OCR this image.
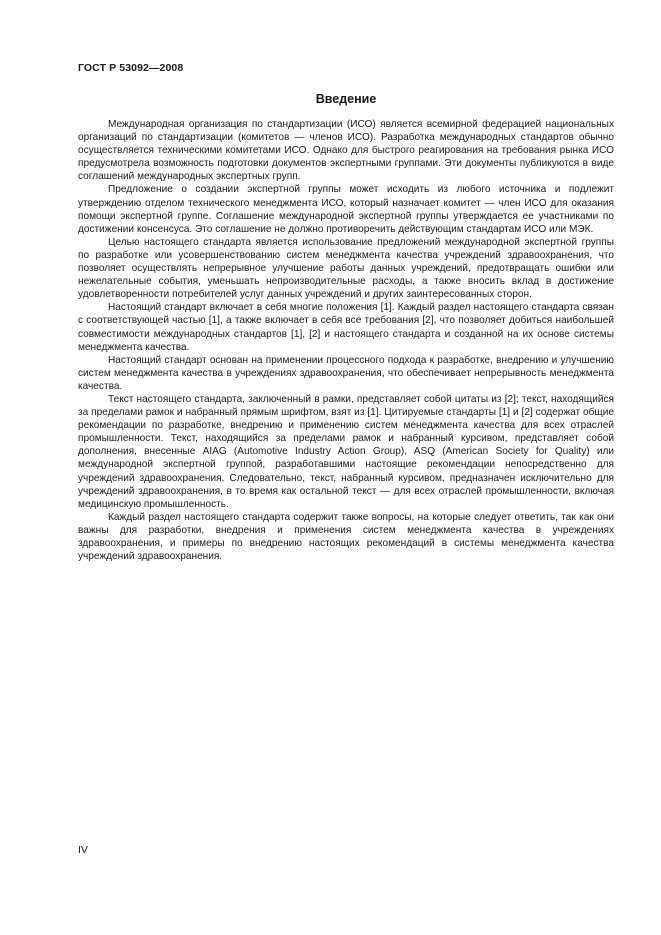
ГОСТ Р 53092—2008
Введение

Международная организация по стандартизации (ИСО) является всемирной федерацией национальных организаций по стандартизации (комитетов — членов ИСО). Разработка международных стандартов обычно осуществляется техническими комитетами ИСО. Однако для быстрого реагирования на требования рынка ИСО предусмотрела возможность подготовки документов экспертными группами. Эти документы публикуются в виде соглашений международных экспертных групп.

Предложение о создании экспертной группы может исходить из любого источника и подлежит утверждению отделом технического менеджмента ИСО, который назначает комитет — член ИСО для оказания помощи экспертной группе. Соглашение международной экспертной группы утверждается ее участниками по достижении консенсуса. Это соглашение не должно противоречить действующим стандартам ИСО или МЭК.

Целью настоящего стандарта является использование предложений международной экспертной группы по разработке или усовершенствованию систем менеджмента качества учреждений здравоохранения, что позволяет осуществлять непрерывное улучшение работы данных учреждений, предотвращать ошибки или нежелательные события, уменьшать непроизводительные расходы, а также вносить вклад в достижение удовлетворенности потребителей услуг данных учреждений и других заинтересованных сторон.

Настоящий стандарт включает в себя многие положения [1]. Каждый раздел настоящего стандарта связан с соответствующей частью [1], а также включает в себя все требования [2], что позволяет добиться наибольшей совместимости международных стандартов [1], [2] и настоящего стандарта и созданной на их основе системы менеджмента качества.

Настоящий стандарт основан на применении процессного подхода к разработке, внедрению и улучшению систем менеджмента качества в учреждениях здравоохранения, что обеспечивает непрерывность менеджмента качества.

Текст настоящего стандарта, заключенный в рамки, представляет собой цитаты из [2]; текст, находящийся за пределами рамок и набранный прямым шрифтом, взят из [1]. Цитируемые стандарты [1] и [2] содержат общие рекомендации по разработке, внедрению и применению систем менеджмента качества для всех отраслей промышленности. Текст, находящийся за пределами рамок и набранный курсивом, представляет собой дополнения, внесенные AIAG (Automotive Industry Action Group), ASQ (American Society for Quality) или международной экспертной группой, разработавшими настоящие рекомендации непосредственно для учреждений здравоохранения. Следовательно, текст, набранный курсивом, предназначен исключительно для учреждений здравоохранения, в то время как остальной текст — для всех отраслей промышленности, включая медицинскую промышленность.

Каждый раздел настоящего стандарта содержит также вопросы, на которые следует ответить, так как они важны для разработки, внедрения и применения систем менеджмента качества в учреждениях здравоохранения, и примеры по внедрению настоящих рекомендаций в системы менеджмента качества учреждений здравоохранения.

IV
